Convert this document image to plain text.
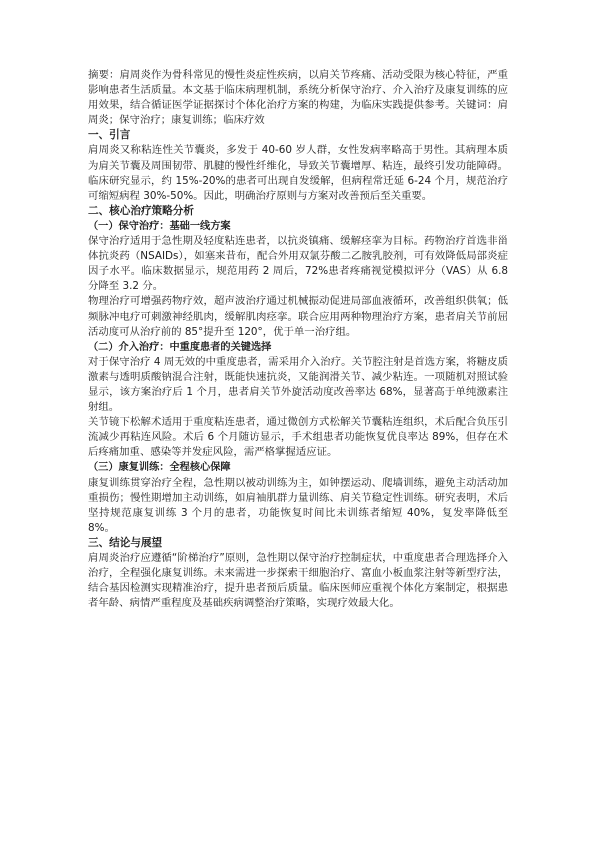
摘要：肩周炎作为骨科常见的慢性炎症性疾病，以肩关节疼痛、活动受限为核心特征，严重影响患者生活质量。本文基于临床病理机制，系统分析保守治疗、介入治疗及康复训练的应用效果，结合循证医学证据探讨个体化治疗方案的构建，为临床实践提供参考。关键词：肩周炎；保守治疗；康复训练；临床疗效

一、引言

肩周炎又称粘连性关节囊炎，多发于 40-60 岁人群，女性发病率略高于男性。其病理本质为肩关节囊及周围韧带、肌腱的慢性纤维化，导致关节囊增厚、粘连，最终引发功能障碍。临床研究显示，约 15%-20%的患者可出现自发缓解，但病程常迁延 6-24 个月，规范治疗可缩短病程 30%-50%。因此，明确治疗原则与方案对改善预后至关重要。

二、核心治疗策略分析

（一）保守治疗：基础一线方案

保守治疗适用于急性期及轻度粘连患者，以抗炎镇痛、缓解痉挛为目标。药物治疗首选非甾体抗炎药（NSAIDs），如塞来昔布，配合外用双氯芬酸二乙胺乳胶剂，可有效降低局部炎症因子水平。临床数据显示，规范用药 2 周后，72%患者疼痛视觉模拟评分（VAS）从 6.8 分降至 3.2 分。

物理治疗可增强药物疗效，超声波治疗通过机械振动促进局部血液循环，改善组织供氧；低频脉冲电疗可刺激神经肌肉，缓解肌肉痉挛。联合应用两种物理治疗方案，患者肩关节前屈活动度可从治疗前的 85°提升至 120°，优于单一治疗组。

（二）介入治疗：中重度患者的关键选择

对于保守治疗 4 周无效的中重度患者，需采用介入治疗。关节腔注射是首选方案，将糖皮质激素与透明质酸钠混合注射，既能快速抗炎，又能润滑关节、减少粘连。一项随机对照试验显示，该方案治疗后 1 个月，患者肩关节外旋活动度改善率达 68%，显著高于单纯激素注射组。

关节镜下松解术适用于重度粘连患者，通过微创方式松解关节囊粘连组织，术后配合负压引流减少再粘连风险。术后 6 个月随访显示，手术组患者功能恢复优良率达 89%，但存在术后疼痛加重、感染等并发症风险，需严格掌握适应证。

（三）康复训练：全程核心保障

康复训练贯穿治疗全程，急性期以被动训练为主，如钟摆运动、爬墙训练，避免主动活动加重损伤；慢性期增加主动训练，如肩袖肌群力量训练、肩关节稳定性训练。研究表明，术后坚持规范康复训练 3 个月的患者，功能恢复时间比未训练者缩短 40%，复发率降低至 8%。

三、结论与展望

肩周炎治疗应遵循“阶梯治疗”原则，急性期以保守治疗控制症状，中重度患者合理选择介入治疗，全程强化康复训练。未来需进一步探索干细胞治疗、富血小板血浆注射等新型疗法，结合基因检测实现精准治疗，提升患者预后质量。临床医师应重视个体化方案制定，根据患者年龄、病情严重程度及基础疾病调整治疗策略，实现疗效最大化。
